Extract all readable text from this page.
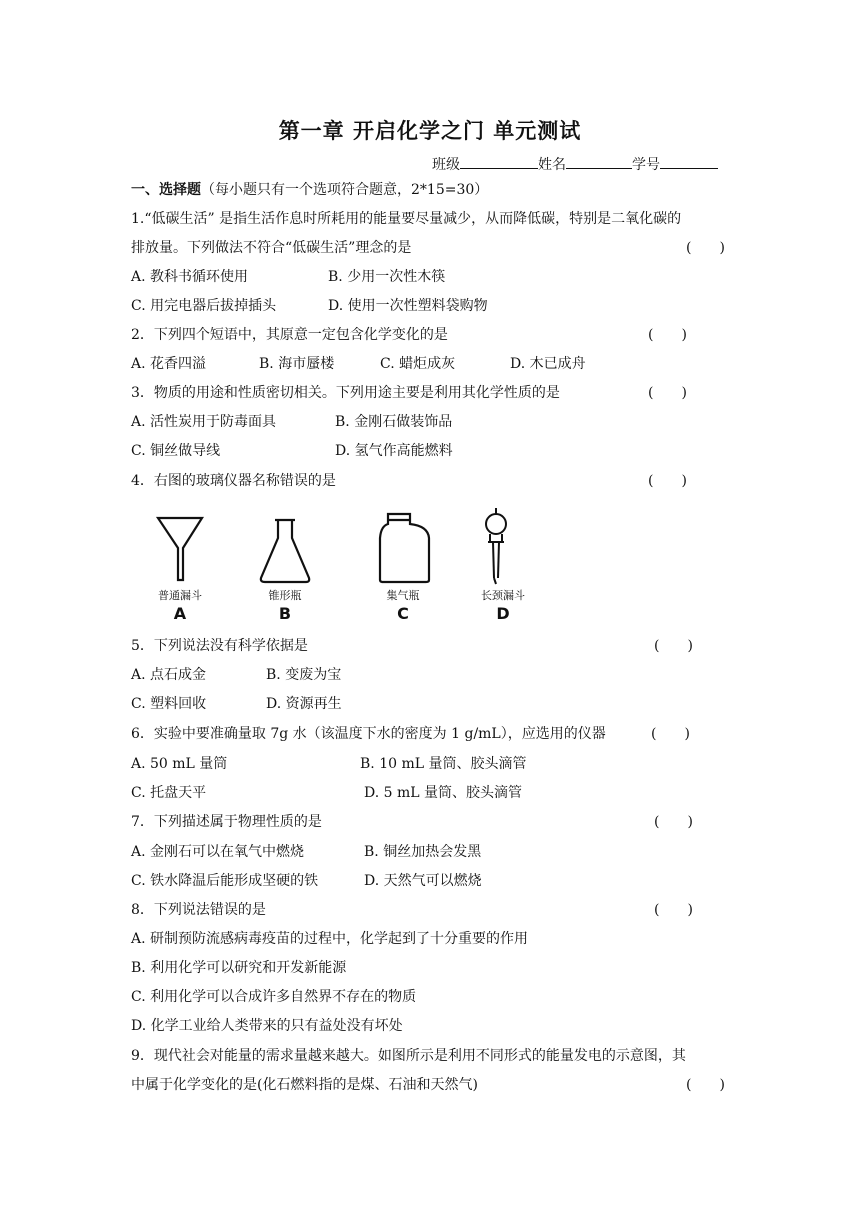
第一章 开启化学之门 单元测试
班级	姓名	学号
一、选择题（每小题只有一个选项符合题意，2*15=30）
1.“低碳生活” 是指生活作息时所耗用的能量要尽量减少，从而降低碳，特别是二氧化碳的
排放量。下列做法不符合“低碳生活”理念的是	(　　)
A. 教科书循环使用	B. 少用一次性木筷
C. 用完电器后拔掉插头	D. 使用一次性塑料袋购物
2．下列四个短语中，其原意一定包含化学变化的是	(　　)
A. 花香四溢	B. 海市蜃楼	C. 蜡炬成灰	D. 木已成舟
3．物质的用途和性质密切相关。下列用途主要是利用其化学性质的是	(　　)
A. 活性炭用于防毒面具	B. 金刚石做装饰品
C. 铜丝做导线	D. 氢气作高能燃料
4．右图的玻璃仪器名称错误的是	(　　)
普通漏斗
A
锥形瓶
B
集气瓶
C
长颈漏斗
D
5．下列说法没有科学依据是	(　　)
A. 点石成金	B. 变废为宝
C. 塑料回收	D. 资源再生
6．实验中要准确量取 7g 水（该温度下水的密度为 1 g/mL），应选用的仪器	(　　)
A. 50 mL 量筒	B. 10 mL 量筒、胶头滴管
C. 托盘天平	D. 5 mL 量筒、胶头滴管
7．下列描述属于物理性质的是	(　　)
A. 金刚石可以在氧气中燃烧	B. 铜丝加热会发黑
C. 铁水降温后能形成坚硬的铁	D. 天然气可以燃烧
8．下列说法错误的是	(　　)
A. 研制预防流感病毒疫苗的过程中，化学起到了十分重要的作用
B. 利用化学可以研究和开发新能源
C. 利用化学可以合成许多自然界不存在的物质
D. 化学工业给人类带来的只有益处没有坏处
9．现代社会对能量的需求量越来越大。如图所示是利用不同形式的能量发电的示意图，其
中属于化学变化的是(化石燃料指的是煤、石油和天然气)	(　　)
